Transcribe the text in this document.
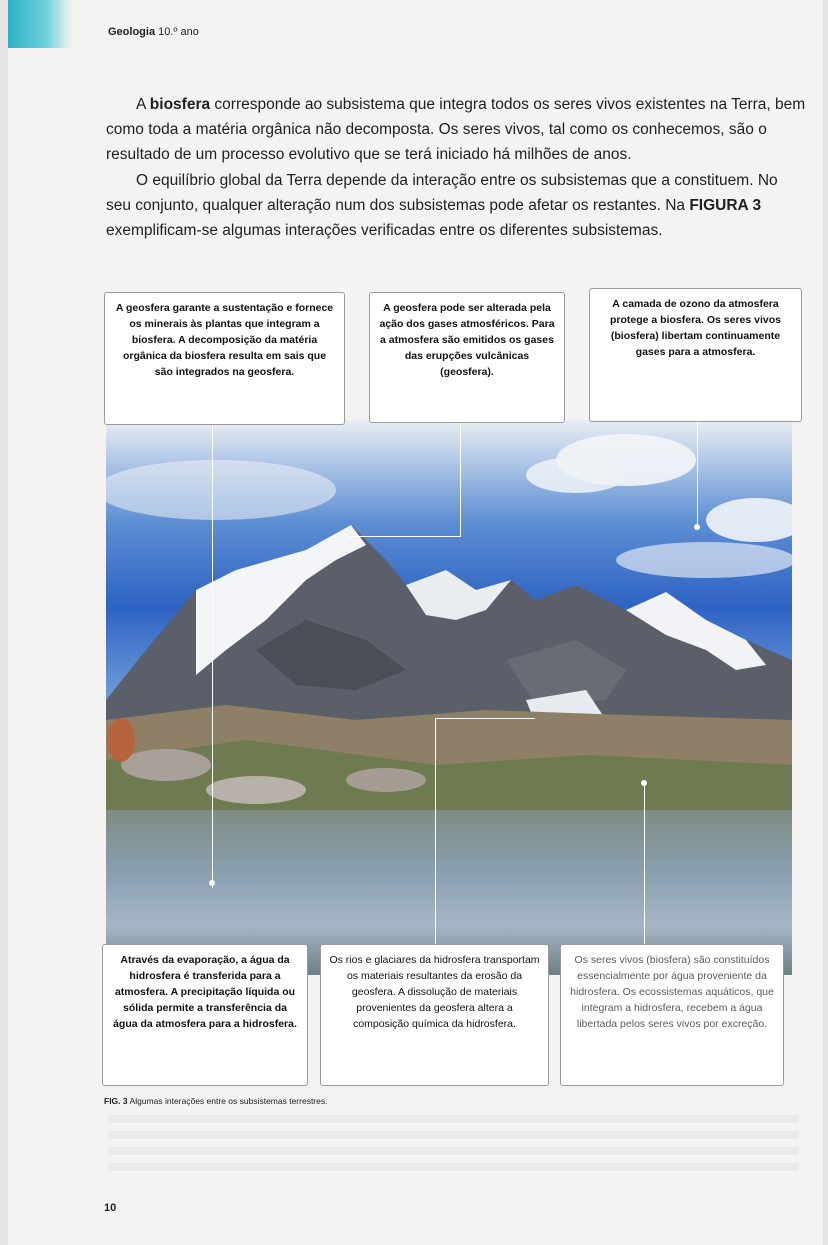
Geologia 10.º ano
A biosfera corresponde ao subsistema que integra todos os seres vivos existentes na Terra, bem como toda a matéria orgânica não decomposta. Os seres vivos, tal como os conhecemos, são o resultado de um processo evolutivo que se terá iniciado há milhões de anos.
O equilíbrio global da Terra depende da interação entre os subsistemas que a constituem. No seu conjunto, qualquer alteração num dos subsistemas pode afetar os restantes. Na FIGURA 3 exemplificam-se algumas interações verificadas entre os diferentes subsistemas.
A geosfera garante a sustentação e fornece os minerais às plantas que integram a biosfera. A decomposição da matéria orgânica da biosfera resulta em sais que são integrados na geosfera.
A geosfera pode ser alterada pela ação dos gases atmosféricos. Para a atmosfera são emitidos os gases das erupções vulcânicas (geosfera).
A camada de ozono da atmosfera protege a biosfera. Os seres vivos (biosfera) libertam continuamente gases para a atmosfera.
Através da evaporação, a água da hidrosfera é transferida para a atmosfera. A precipitação líquida ou sólida permite a transferência da água da atmosfera para a hidrosfera.
Os rios e glaciares da hidrosfera transportam os materiais resultantes da erosão da geosfera. A dissolução de materiais provenientes da geosfera altera a composição química da hidrosfera.
Os seres vivos (biosfera) são constituídos essencialmente por água proveniente da hidrosfera. Os ecossistemas aquáticos, que integram a hidrosfera, recebem a água libertada pelos seres vivos por excreção.
FIG. 3 Algumas interações entre os subsistemas terrestres.
10
